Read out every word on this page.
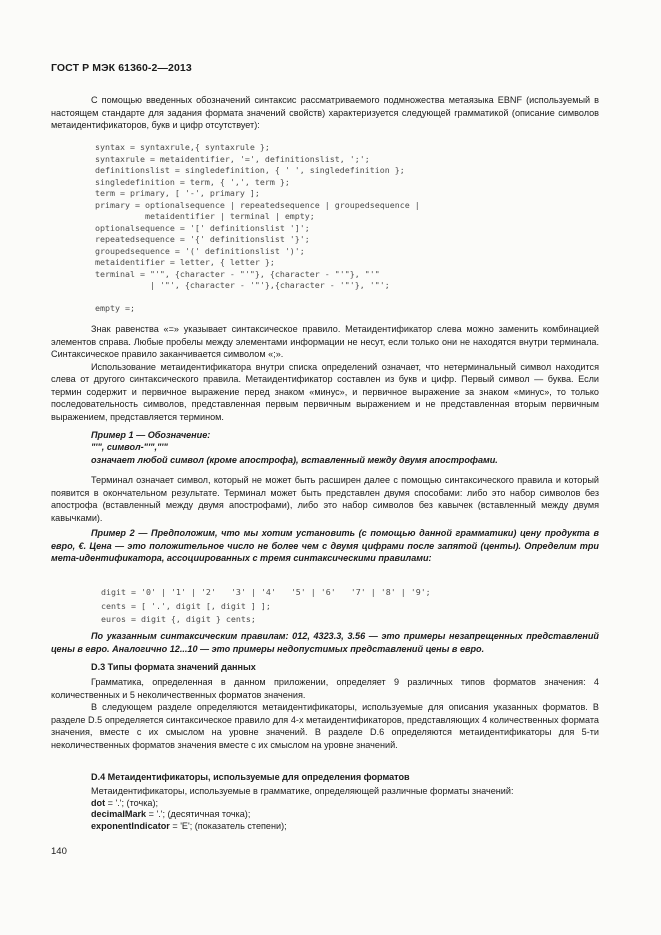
ГОСТ Р МЭК 61360-2—2013

С помощью введенных обозначений синтаксис рассматриваемого подмножества метаязыка EBNF (используемый в настоящем стандарте для задания формата значений свойств) характеризуется следующей грамматикой (описание символов метаидентификаторов, букв и цифр отсутствует):

syntax = syntaxrule,{ syntaxrule };
syntaxrule = metaidentifier, '=', definitionslist, ';';
definitionslist = singledefinition, { ' ', singledefinition };
singledefinition = term, { ',', term };
term = primary, [ '-', primary ];
primary = optionalsequence | repeatedsequence | groupedsequence |
metaidentifier | terminal | empty;
optionalsequence = '[' definitionslist ']';
repeatedsequence = '{' definitionslist '}';
groupedsequence = '(' definitionslist ')';
metaidentifier = letter, { letter };
terminal = "'", {character - "'"}, {character - "'"}, "'"
| '"', {character - '"'},{character - '"'}, '"';

empty =;

Знак равенства «=» указывает синтаксическое правило. Метаидентификатор слева можно заменить комбинацией элементов справа. Любые пробелы между элементами информации не несут, если только они не находятся внутри терминала. Синтаксическое правило заканчивается символом «;».

Использование метаидентификатора внутри списка определений означает, что нетерминальный символ находится слева от другого синтаксического правила. Метаидентификатор составлен из букв и цифр. Первый символ — буква. Если термин содержит и первичное выражение перед знаком «минус», и первичное выражение за знаком «минус», то только последовательность символов, представленная первым первичным выражением и не представленная вторым первичным выражением, представляется термином.

Пример 1 — Обозначение:
"'", символ-"'","'"
означает любой символ (кроме апострофа), вставленный между двумя апострофами.

Терминал означает символ, который не может быть расширен далее с помощью синтаксического правила и который появится в окончательном результате. Терминал может быть представлен двумя способами: либо это набор символов без апострофа (вставленный между двумя апострофами), либо это набор символов без кавычек (вставленный между двумя кавычками).

Пример 2 — Предположим, что мы хотим установить (с помощью данной грамматики) цену продукта в евро, €. Цена — это положительное число не более чем с двумя цифрами после запятой (центы). Определим три мета-идентификатора, ассоциированных с тремя синтаксическими правилами:

digit = '0' | '1' | '2'   '3' | '4'   '5' | '6'   '7' | '8' | '9';
cents = [ '.', digit [, digit ] ];
euros = digit {, digit } cents;

По указанным синтаксическим правилам: 012, 4323.3, 3.56 — это примеры незапрещенных представлений цены в евро. Аналогично 12...10 — это примеры недопустимых представлений цены в евро.

D.3 Типы формата значений данных

Грамматика, определенная в данном приложении, определяет 9 различных типов форматов значения: 4 количественных и 5 неколичественных форматов значения.

В следующем разделе определяются метаидентификаторы, используемые для описания указанных форматов. В разделе D.5 определяется синтаксическое правило для 4-х метаидентификаторов, представляющих 4 количественных формата значения, вместе с их смыслом на уровне значений. В разделе D.6 определяются метаидентификаторы для 5-ти неколичественных форматов значения вместе с их смыслом на уровне значений.

D.4 Метаидентификаторы, используемые для определения форматов
Метаидентификаторы, используемые в грамматике, определяющей различные форматы значений:
dot = '.'; (точка);
decimalMark = '.'; (десятичная точка);
exponentIndicator = 'E'; (показатель степени);
140
